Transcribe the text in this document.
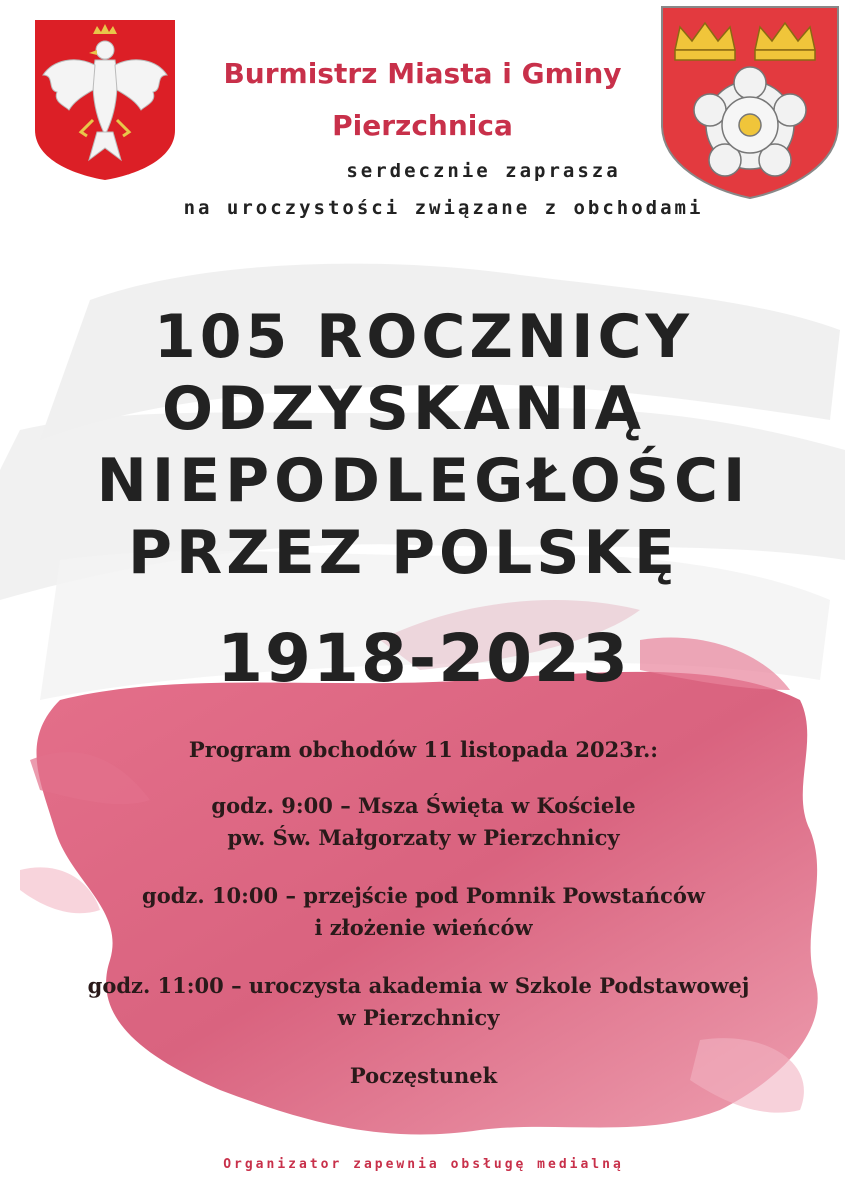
Burmistrz Miasta i Gminy
Pierzchnica
serdecznie zaprasza
na uroczystości związane z obchodami
105 ROCZNICY
ODZYSKANIĄ
NIEPODLEGŁOŚCI
PRZEZ POLSKĘ
1918-2023
Program obchodów 11 listopada 2023r.:
godz. 9:00 – Msza Święta w Kościele
pw. Św. Małgorzaty w Pierzchnicy
godz. 10:00 – przejście pod Pomnik Powstańców
i złożenie wieńców
godz. 11:00 – uroczysta akademia w Szkole Podstawowej
w Pierzchnicy
Poczęstunek
Organizator zapewnia obsługę medialną
